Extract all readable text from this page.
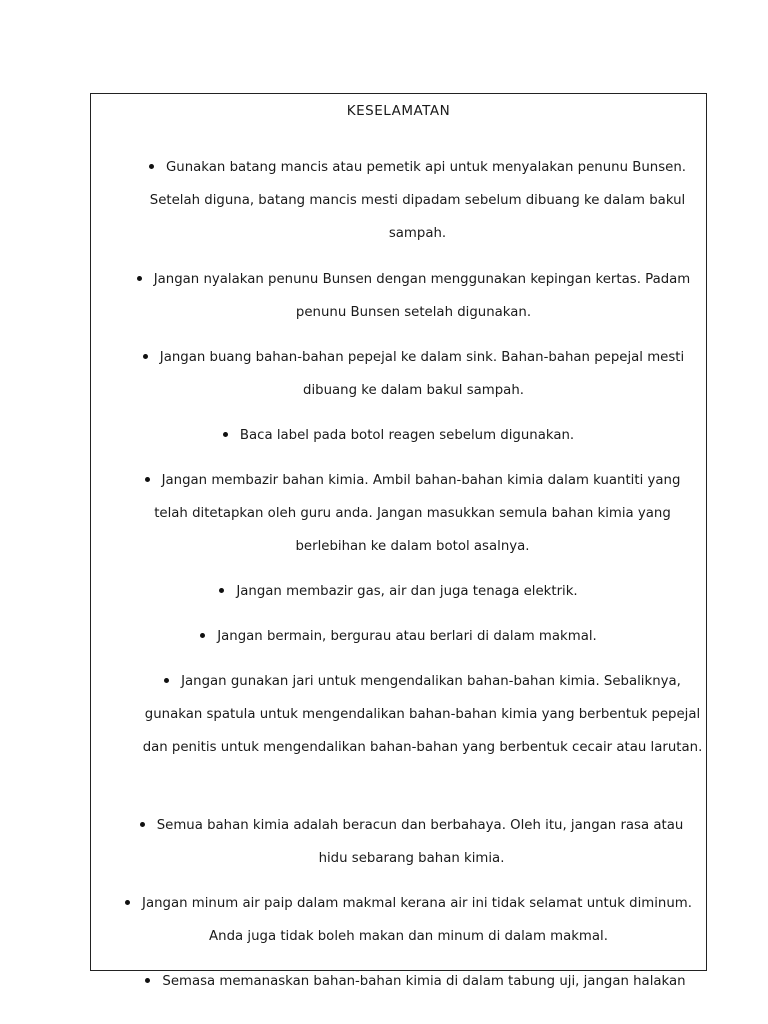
KESELAMATAN
Gunakan batang mancis atau pemetik api untuk menyalakan penunu Bunsen. Setelah diguna, batang mancis mesti dipadam sebelum dibuang ke dalam bakul sampah.
Jangan nyalakan penunu Bunsen dengan menggunakan kepingan kertas. Padam penunu Bunsen setelah digunakan.
Jangan buang bahan-bahan pepejal ke dalam sink. Bahan-bahan pepejal mesti dibuang ke dalam bakul sampah.
Baca label pada botol reagen sebelum digunakan.
Jangan membazir bahan kimia. Ambil bahan-bahan kimia dalam kuantiti yang telah ditetapkan oleh guru anda. Jangan masukkan semula bahan kimia yang berlebihan ke dalam botol asalnya.
Jangan membazir gas, air dan juga tenaga elektrik.
Jangan bermain, bergurau atau berlari di dalam makmal.
Jangan gunakan jari untuk mengendalikan bahan-bahan kimia. Sebaliknya, gunakan spatula untuk mengendalikan bahan-bahan kimia yang berbentuk pepejal dan penitis untuk mengendalikan bahan-bahan yang berbentuk cecair atau larutan.
Semua bahan kimia adalah beracun dan berbahaya. Oleh itu, jangan rasa atau hidu sebarang bahan kimia.
Jangan minum air paip dalam makmal kerana air ini tidak selamat untuk diminum. Anda juga tidak boleh makan dan minum di dalam makmal.
Semasa memanaskan bahan-bahan kimia di dalam tabung uji, jangan halakan
